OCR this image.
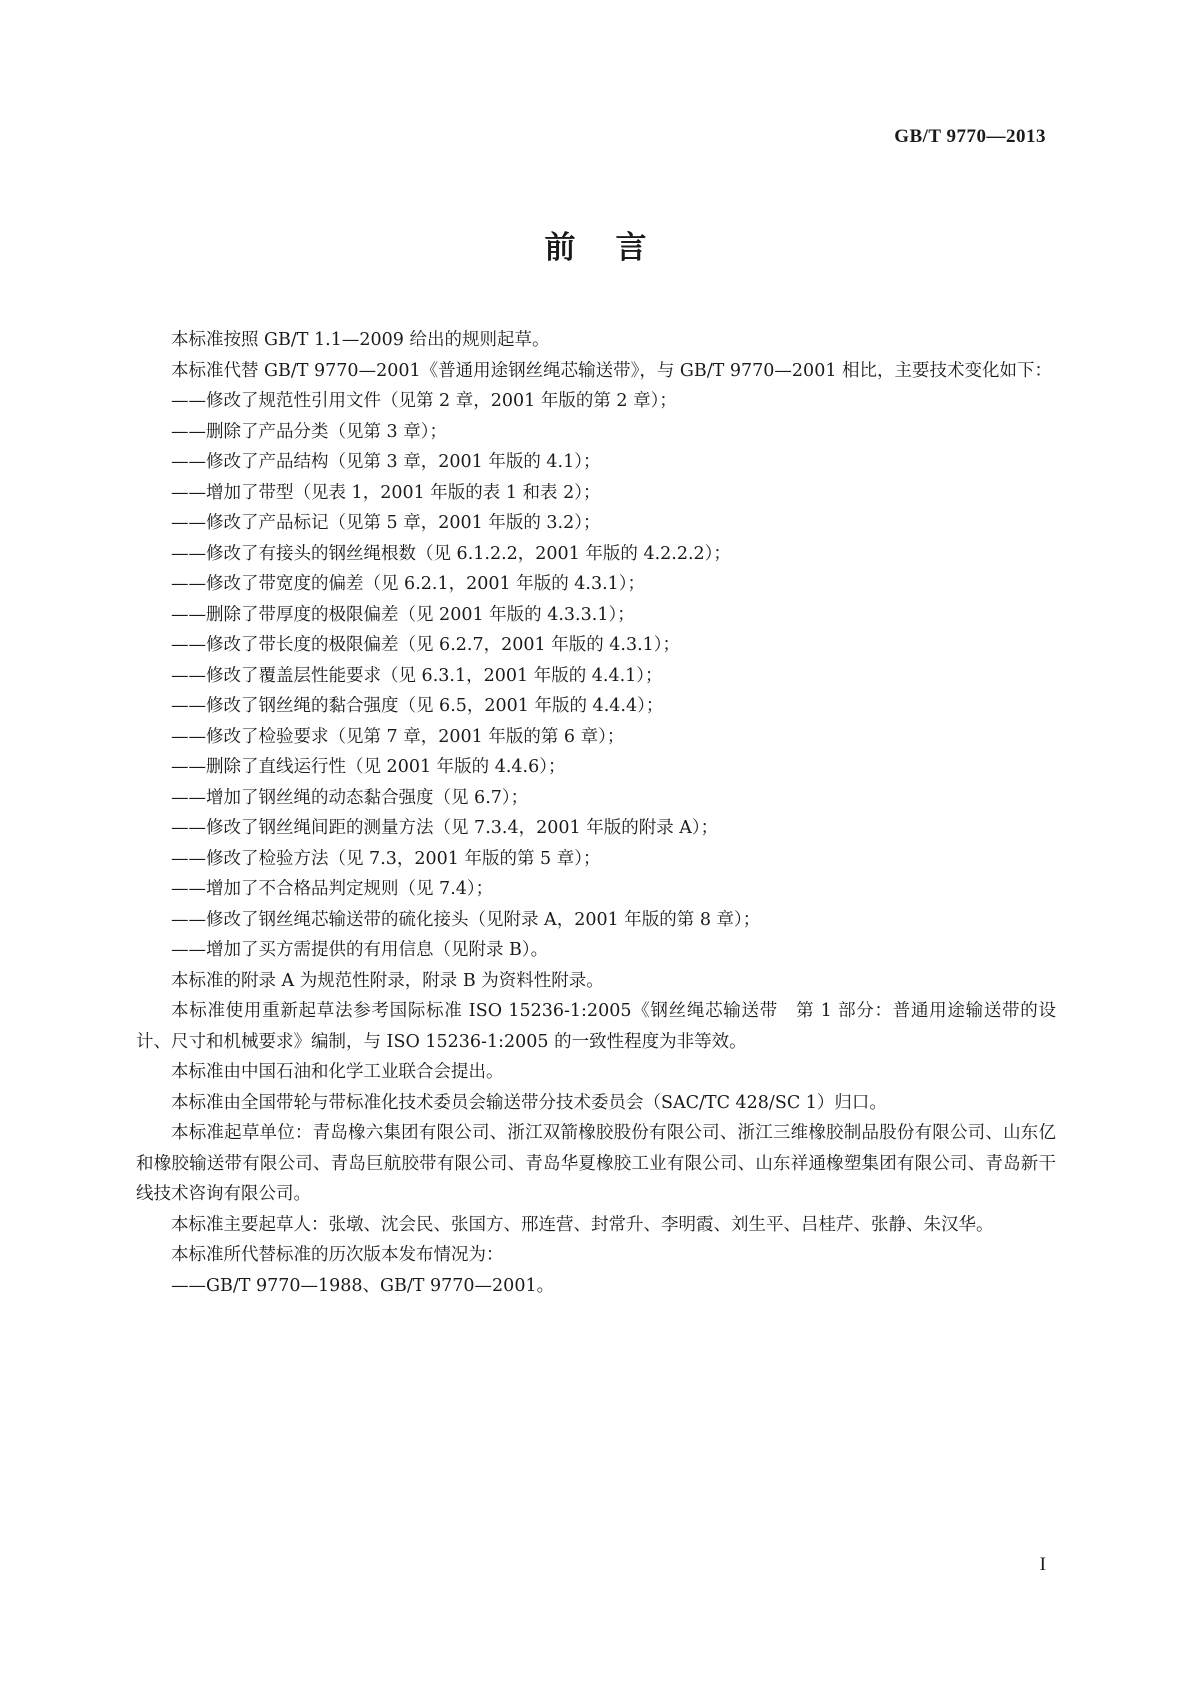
GB/T 9770—2013
前言

本标准按照 GB/T 1.1—2009 给出的规则起草。

本标准代替 GB/T 9770—2001《普通用途钢丝绳芯输送带》，与 GB/T 9770—2001 相比，主要技术变化如下：

——修改了规范性引用文件（见第 2 章，2001 年版的第 2 章）；

——删除了产品分类（见第 3 章）；

——修改了产品结构（见第 3 章，2001 年版的 4.1）；

——增加了带型（见表 1，2001 年版的表 1 和表 2）；

——修改了产品标记（见第 5 章，2001 年版的 3.2）；

——修改了有接头的钢丝绳根数（见 6.1.2.2，2001 年版的 4.2.2.2）；

——修改了带宽度的偏差（见 6.2.1，2001 年版的 4.3.1）；

——删除了带厚度的极限偏差（见 2001 年版的 4.3.3.1）；

——修改了带长度的极限偏差（见 6.2.7，2001 年版的 4.3.1）；

——修改了覆盖层性能要求（见 6.3.1，2001 年版的 4.4.1）；

——修改了钢丝绳的黏合强度（见 6.5，2001 年版的 4.4.4）；

——修改了检验要求（见第 7 章，2001 年版的第 6 章）；

——删除了直线运行性（见 2001 年版的 4.4.6）；

——增加了钢丝绳的动态黏合强度（见 6.7）；

——修改了钢丝绳间距的测量方法（见 7.3.4，2001 年版的附录 A）；

——修改了检验方法（见 7.3，2001 年版的第 5 章）；

——增加了不合格品判定规则（见 7.4）；

——修改了钢丝绳芯输送带的硫化接头（见附录 A，2001 年版的第 8 章）；

——增加了买方需提供的有用信息（见附录 B）。

本标准的附录 A 为规范性附录，附录 B 为资料性附录。

本标准使用重新起草法参考国际标准 ISO 15236-1:2005《钢丝绳芯输送带　第 1 部分：普通用途输送带的设计、尺寸和机械要求》编制，与 ISO 15236-1:2005 的一致性程度为非等效。

本标准由中国石油和化学工业联合会提出。

本标准由全国带轮与带标准化技术委员会输送带分技术委员会（SAC/TC 428/SC 1）归口。

本标准起草单位：青岛橡六集团有限公司、浙江双箭橡胶股份有限公司、浙江三维橡胶制品股份有限公司、山东亿和橡胶输送带有限公司、青岛巨航胶带有限公司、青岛华夏橡胶工业有限公司、山东祥通橡塑集团有限公司、青岛新干线技术咨询有限公司。

本标准主要起草人：张墩、沈会民、张国方、邢连营、封常升、李明霞、刘生平、吕桂芹、张静、朱汉华。

本标准所代替标准的历次版本发布情况为：

——GB/T 9770—1988、GB/T 9770—2001。

I
